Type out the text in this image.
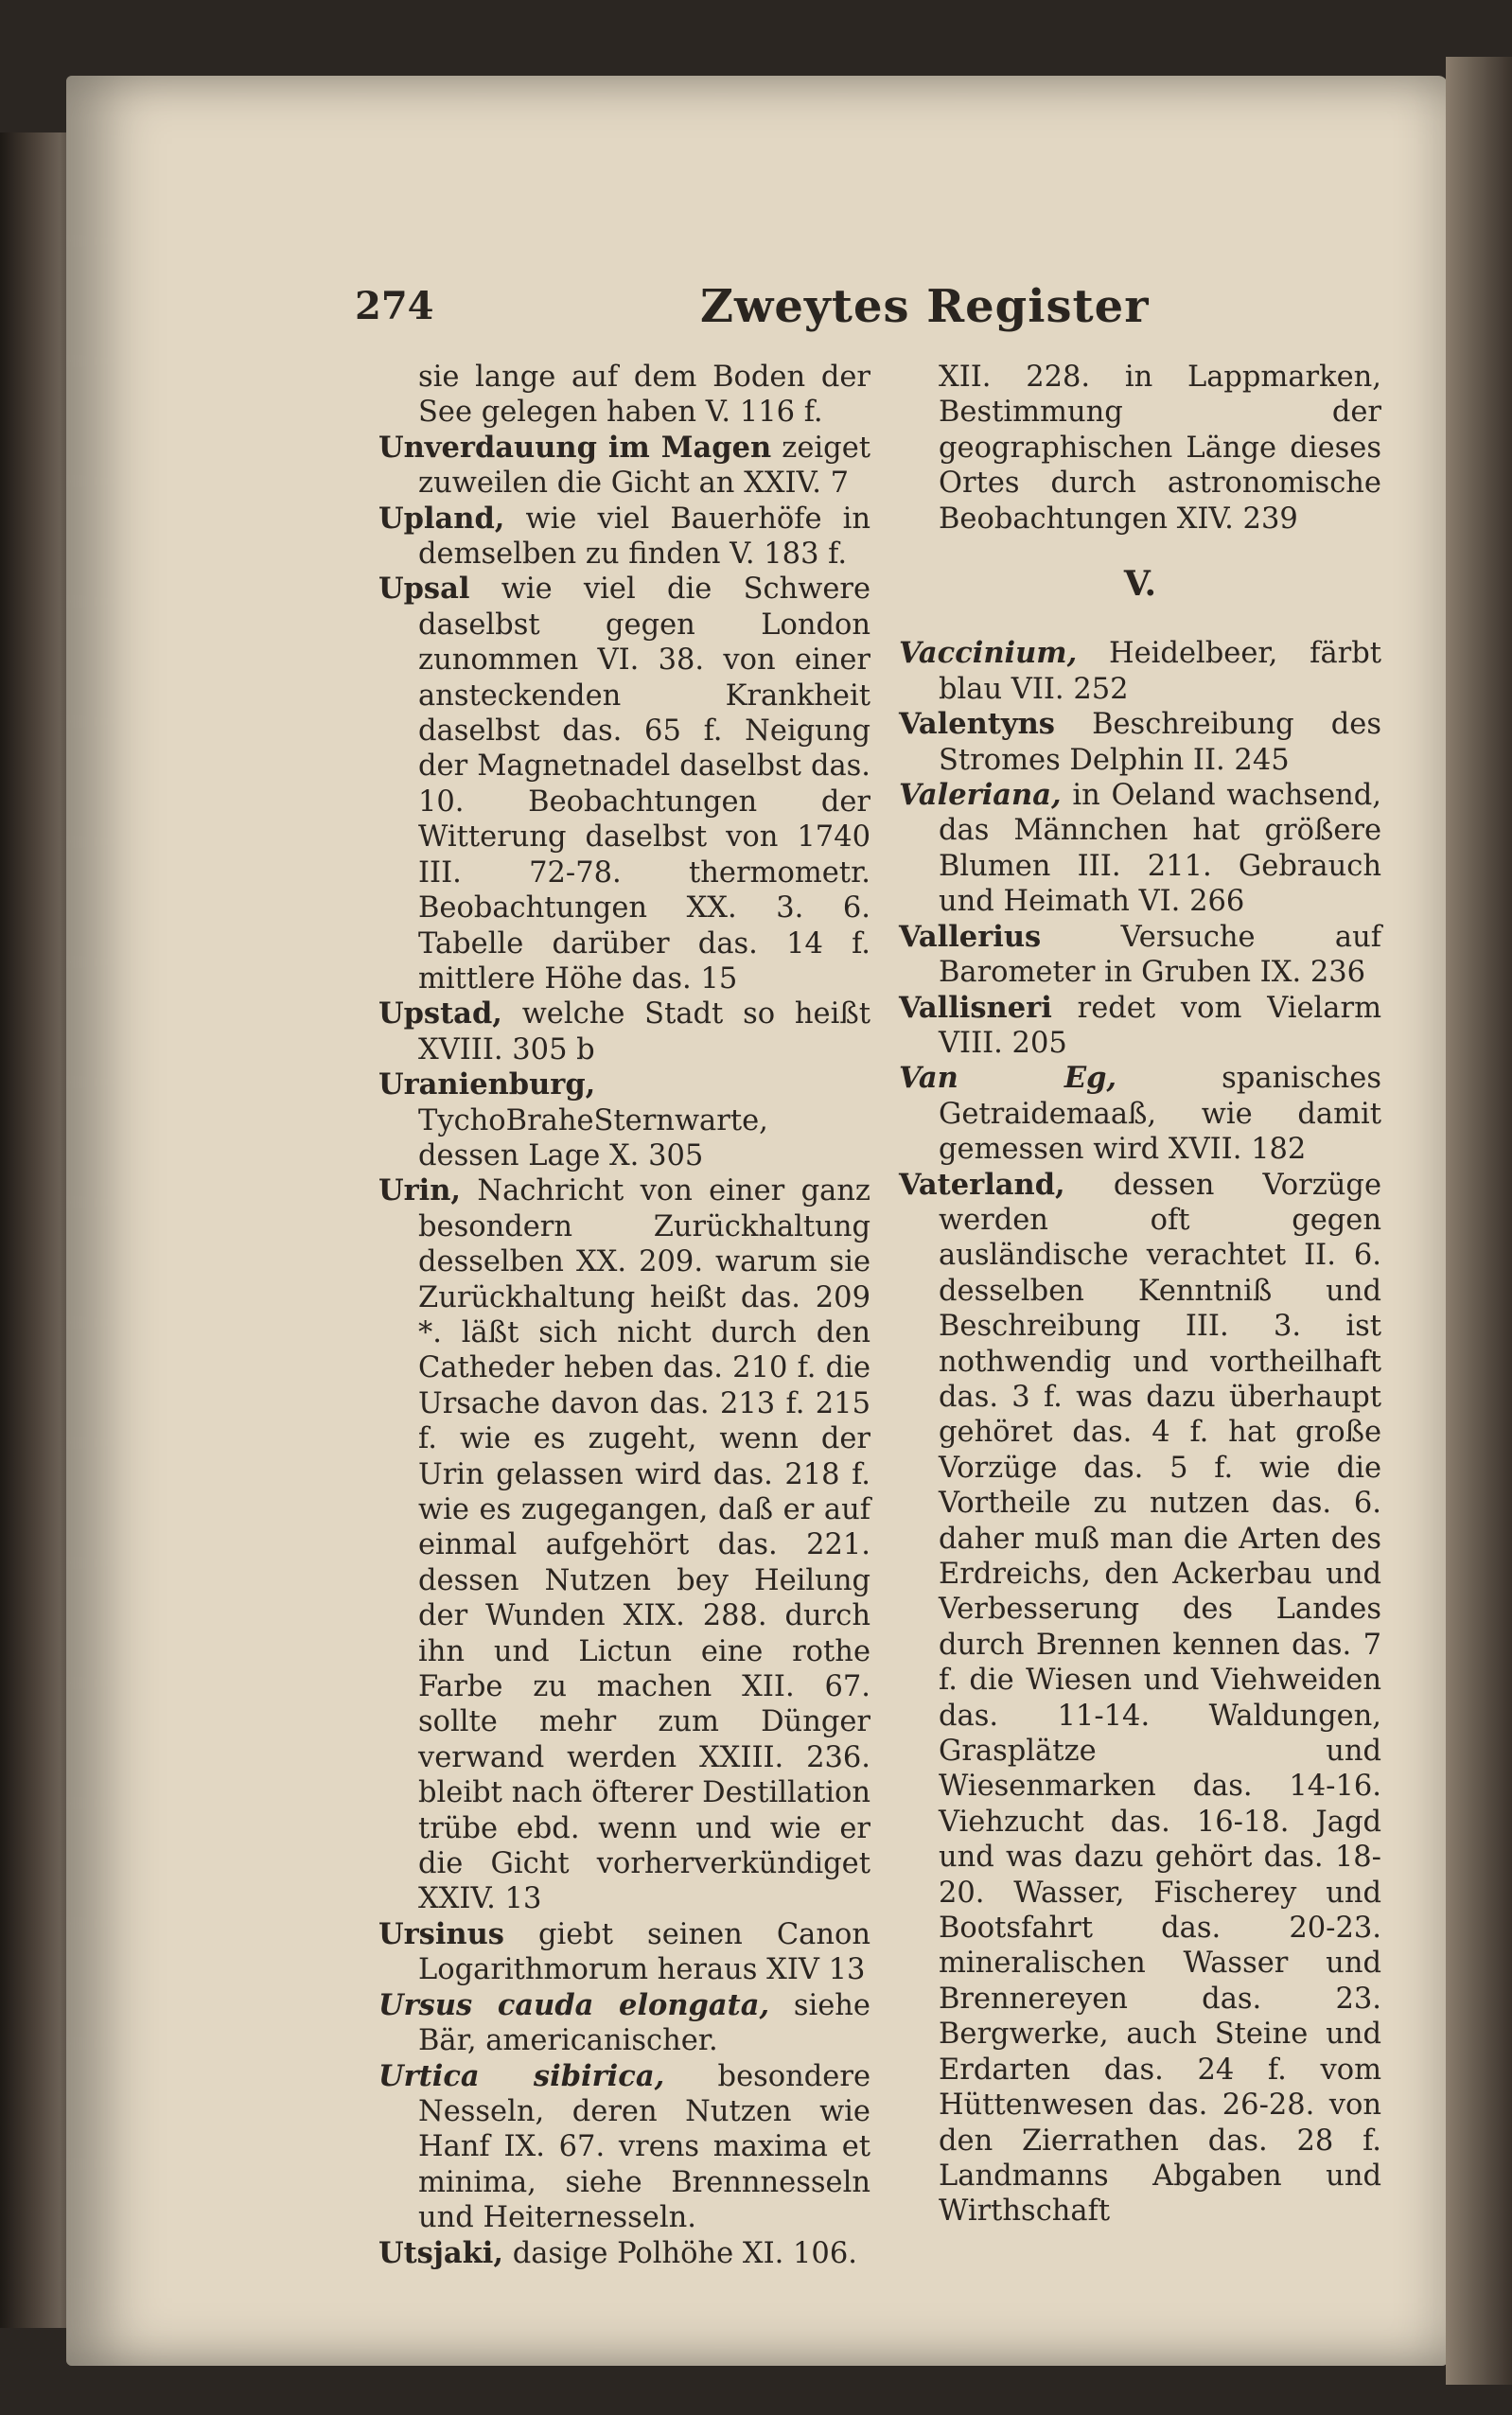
274	Zweytes Register

sie lange auf dem Boden der See gelegen haben V. 116 f.

Unverdauung im Magen zeiget zuweilen die Gicht an XXIV. 7

Upland, wie viel Bauerhöfe in demselben zu finden V. 183 f.

Upsal wie viel die Schwere daselbst gegen London zunommen VI. 38. von einer ansteckenden Krankheit daselbst das. 65 f. Neigung der Magnetnadel daselbst das. 10. Beobachtungen der Witterung daselbst von 1740 III. 72-78. thermometr. Beobachtungen XX. 3. 6. Tabelle darüber das. 14 f. mittlere Höhe das. 15

Upstad, welche Stadt so heißt XVIII. 305 b

Uranienburg, TychoBraheSternwarte, dessen Lage X. 305

Urin, Nachricht von einer ganz besondern Zurückhaltung desselben XX. 209. warum sie Zurückhaltung heißt das. 209 *. läßt sich nicht durch den Catheder heben das. 210 f. die Ursache davon das. 213 f. 215 f. wie es zugeht, wenn der Urin gelassen wird das. 218 f. wie es zugegangen, daß er auf einmal aufgehört das. 221. dessen Nutzen bey Heilung der Wunden XIX. 288. durch ihn und Lictun eine rothe Farbe zu machen XII. 67. sollte mehr zum Dünger verwand werden XXIII. 236. bleibt nach öfterer Destillation trübe ebd. wenn und wie er die Gicht vorherverkündiget XXIV. 13

Ursinus giebt seinen Canon Logarithmorum heraus XIV 13

Ursus cauda elongata, siehe Bär, americanischer.

Urtica sibirica, besondere Nesseln, deren Nutzen wie Hanf IX. 67. vrens maxima et minima, siehe Brennnesseln und Heiternesseln.

Utsjaki, dasige Polhöhe XI. 106.

XII. 228. in Lappmarken, Bestimmung der geographischen Länge dieses Ortes durch astronomische Beobachtungen XIV. 239

V.

Vaccinium, Heidelbeer, färbt blau VII. 252

Valentyns Beschreibung des Stromes Delphin II. 245

Valeriana, in Oeland wachsend, das Männchen hat größere Blumen III. 211. Gebrauch und Heimath VI. 266

Vallerius Versuche auf Barometer in Gruben IX. 236

Vallisneri redet vom Vielarm VIII. 205

Van Eg, spanisches Getraidemaaß, wie damit gemessen wird XVII. 182

Vaterland, dessen Vorzüge werden oft gegen ausländische verachtet II. 6. desselben Kenntniß und Beschreibung III. 3. ist nothwendig und vortheilhaft das. 3 f. was dazu überhaupt gehöret das. 4 f. hat große Vorzüge das. 5 f. wie die Vortheile zu nutzen das. 6. daher muß man die Arten des Erdreichs, den Ackerbau und Verbesserung des Landes durch Brennen kennen das. 7 f. die Wiesen und Viehweiden das. 11-14. Waldungen, Grasplätze und Wiesenmarken das. 14-16. Viehzucht das. 16-18. Jagd und was dazu gehört das. 18-20. Wasser, Fischerey und Bootsfahrt das. 20-23. mineralischen Wasser und Brennereyen das. 23. Bergwerke, auch Steine und Erdarten das. 24 f. vom Hüttenwesen das. 26-28. von den Zierrathen das. 28 f. Landmanns Abgaben und Wirthschaft
